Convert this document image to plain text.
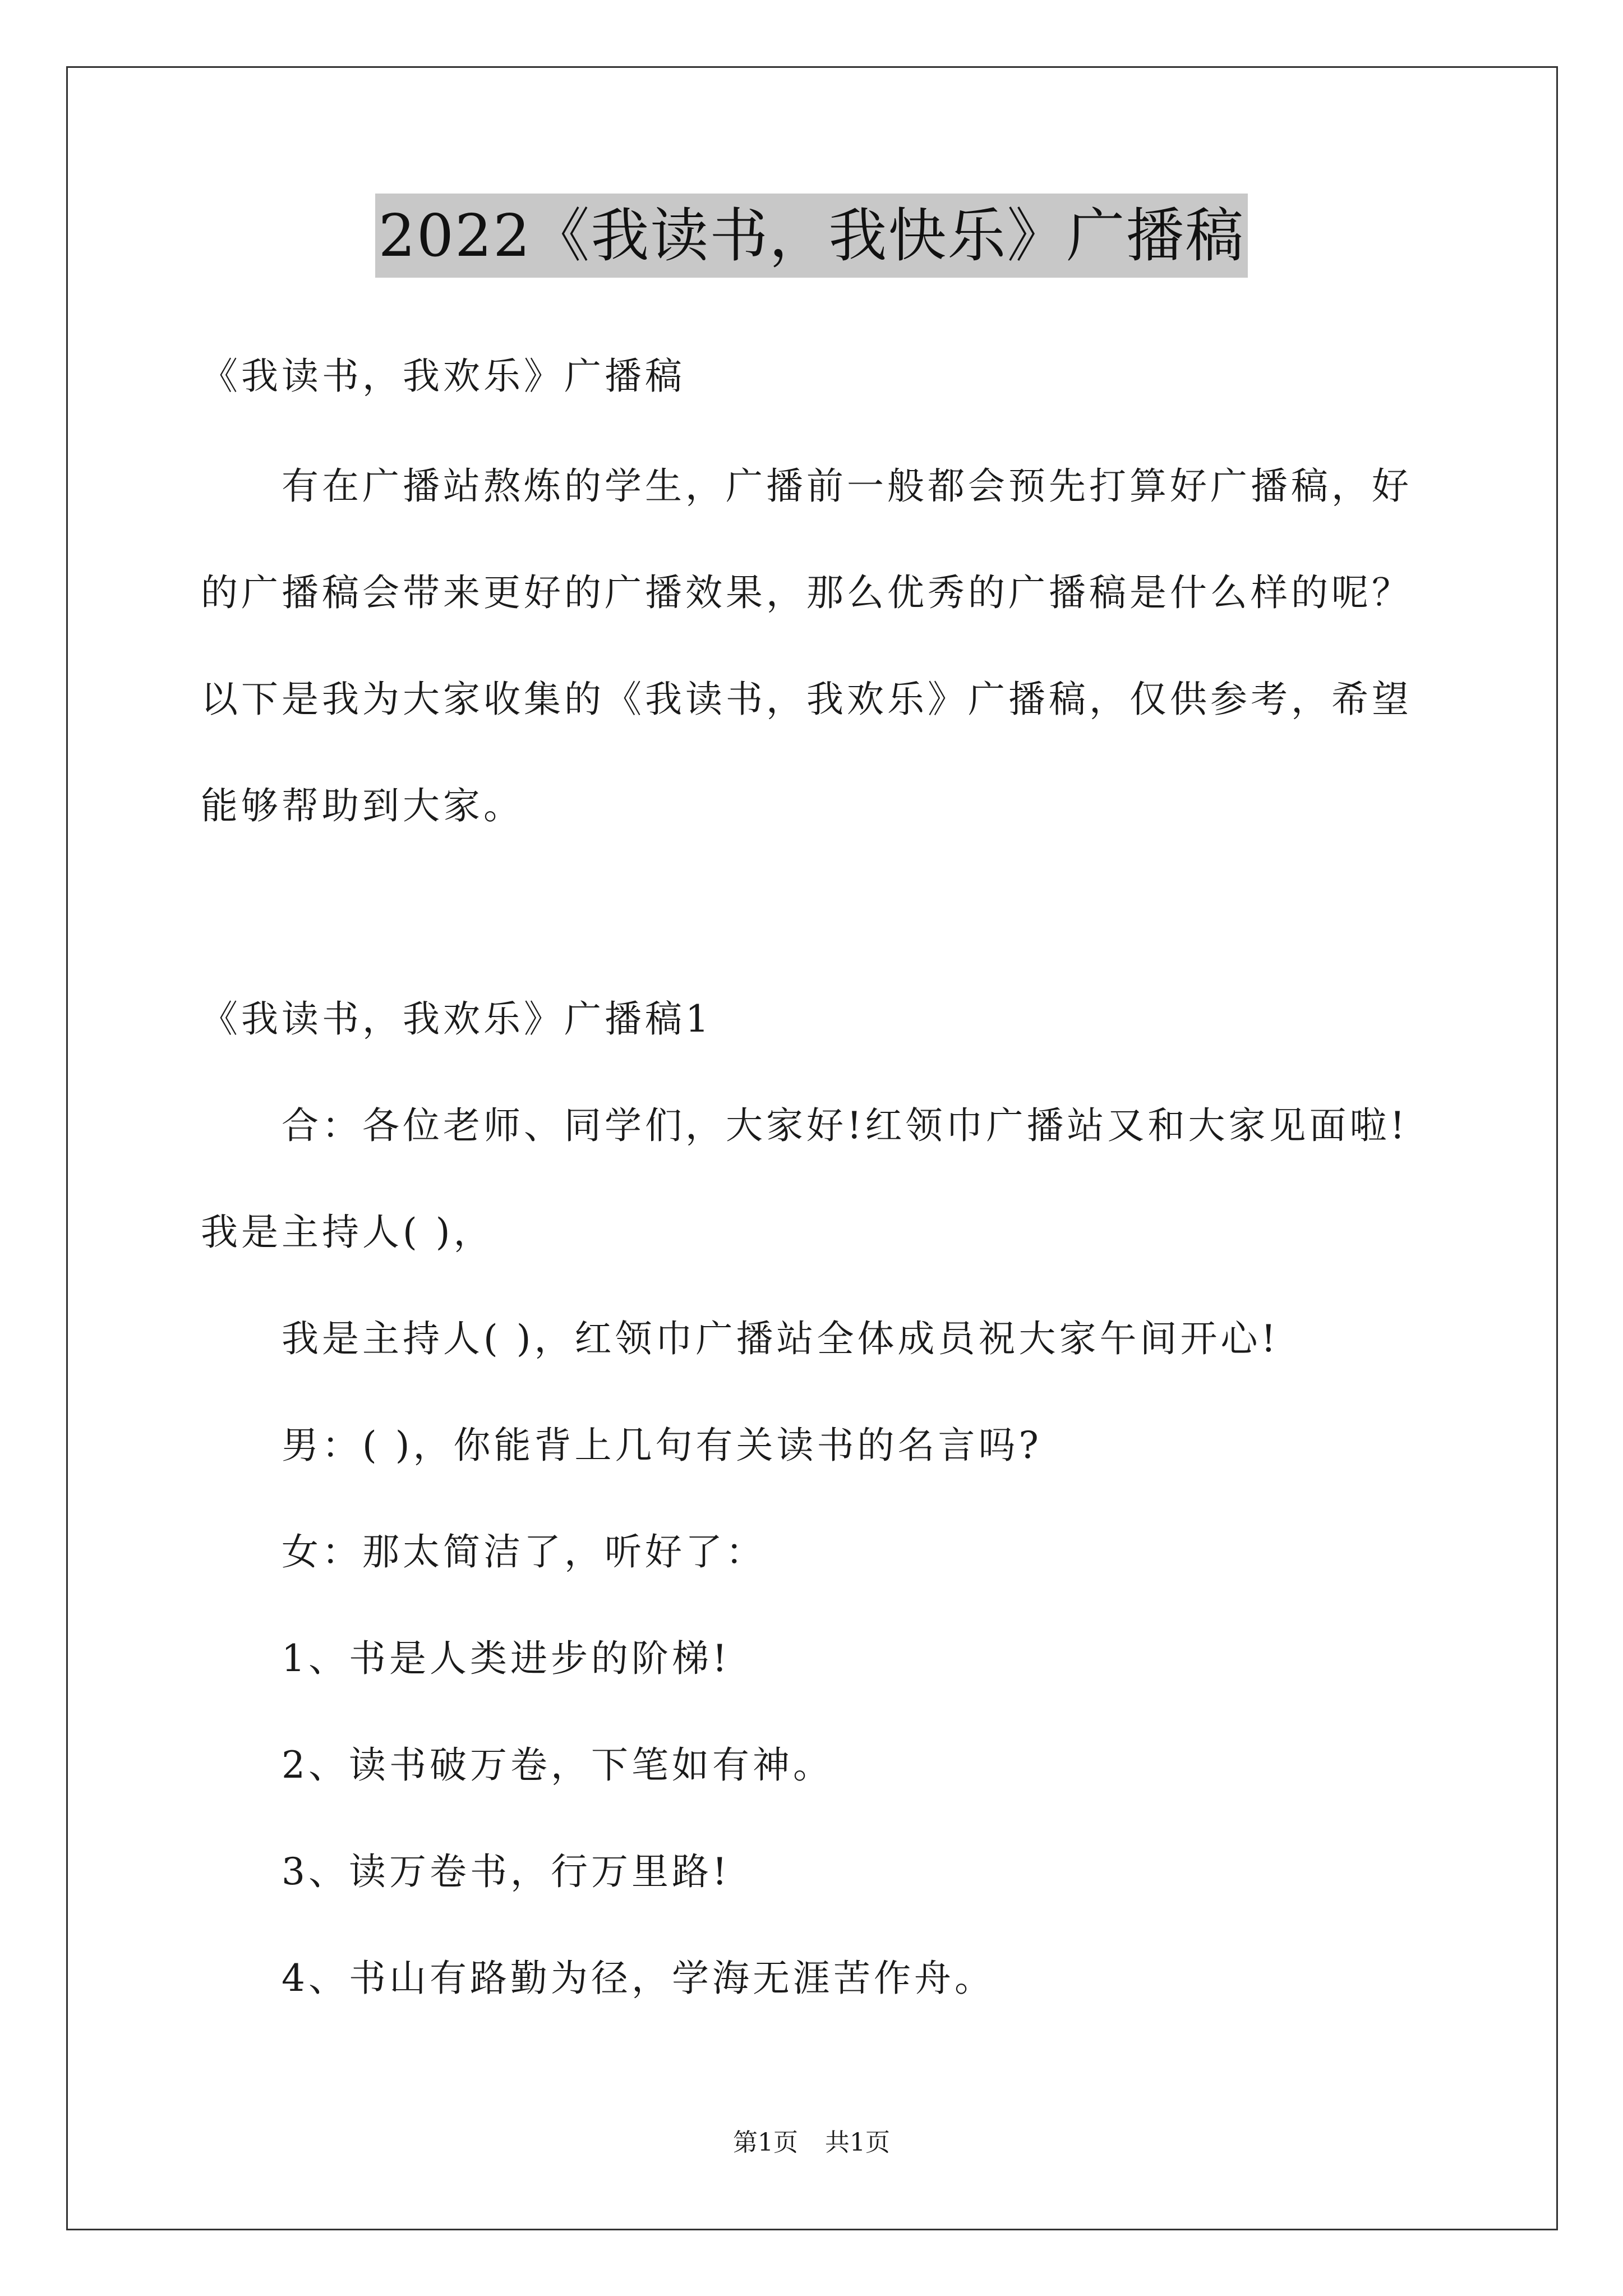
2022《我读书，我快乐》广播稿
《我读书，我欢乐》广播稿
　　有在广播站熬炼的学生，广播前一般都会预先打算好广播稿，好
的广播稿会带来更好的广播效果，那么优秀的广播稿是什么样的呢？
以下是我为大家收集的《我读书，我欢乐》广播稿，仅供参考，希望
能够帮助到大家。
《我读书，我欢乐》广播稿1
　　合：各位老师、同学们，大家好!红领巾广播站又和大家见面啦!
我是主持人( )，
　　我是主持人( )，红领巾广播站全体成员祝大家午间开心!
　　男：( )，你能背上几句有关读书的名言吗?
　　女：那太简洁了，听好了：
　　1、书是人类进步的阶梯!
　　2、读书破万卷，下笔如有神。
　　3、读万卷书，行万里路!
　　4、书山有路勤为径，学海无涯苦作舟。
第1页 共1页
